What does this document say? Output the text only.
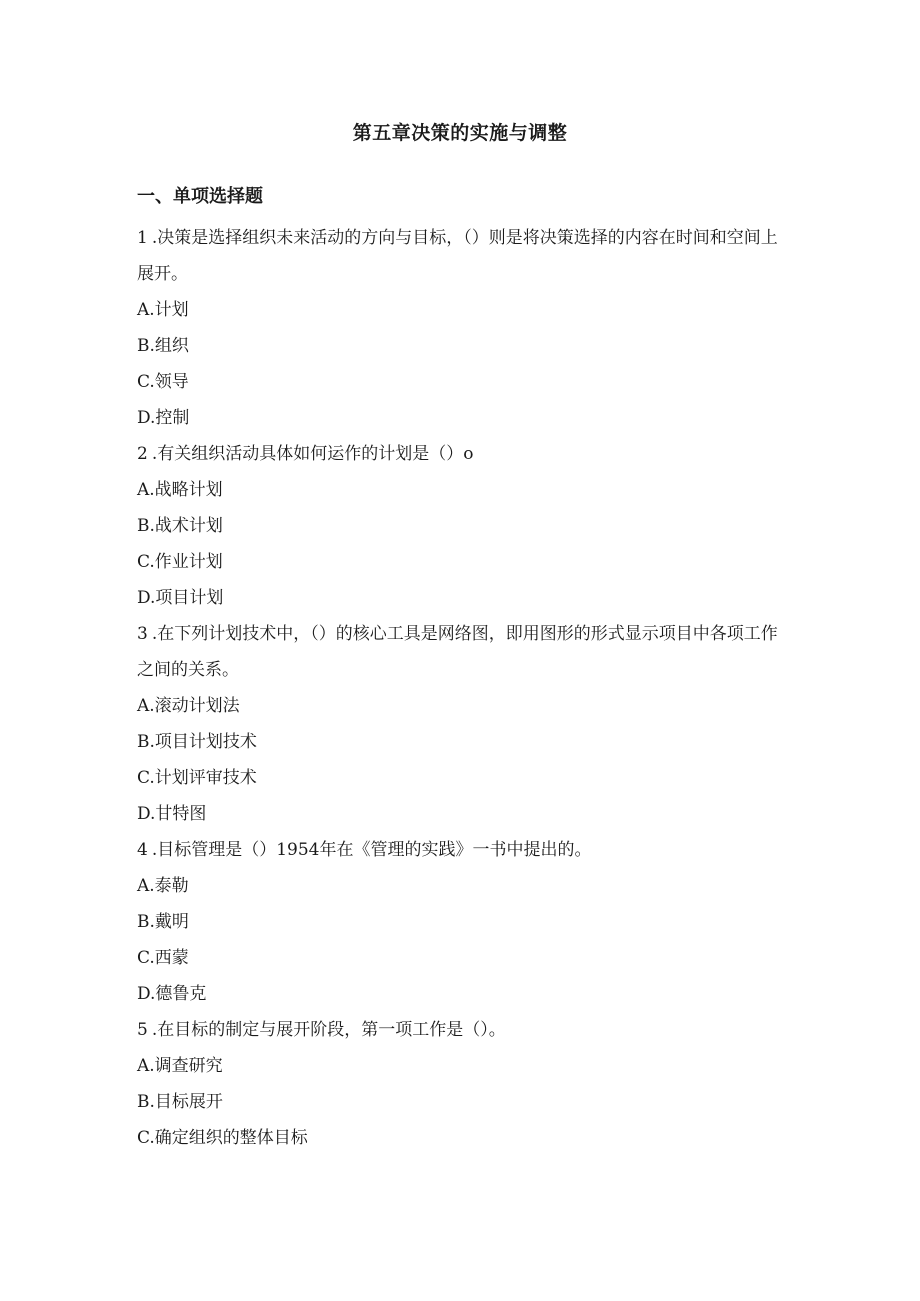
第五章决策的实施与调整
一、单项选择题
1 .决策是选择组织未来活动的方向与目标，（）则是将决策选择的内容在时间和空间上展开。
A.计划
B.组织
C.领导
D.控制
2 .有关组织活动具体如何运作的计划是（）o
A.战略计划
B.战术计划
C.作业计划
D.项目计划
3 .在下列计划技术中，（）的核心工具是网络图，即用图形的形式显示项目中各项工作之间的关系。
A.滚动计划法
B.项目计划技术
C.计划评审技术
D.甘特图
4 .目标管理是（）1954年在《管理的实践》一书中提出的。
A.泰勒
B.戴明
C.西蒙
D.德鲁克
5 .在目标的制定与展开阶段，第一项工作是（）。
A.调查研究
B.目标展开
C.确定组织的整体目标
